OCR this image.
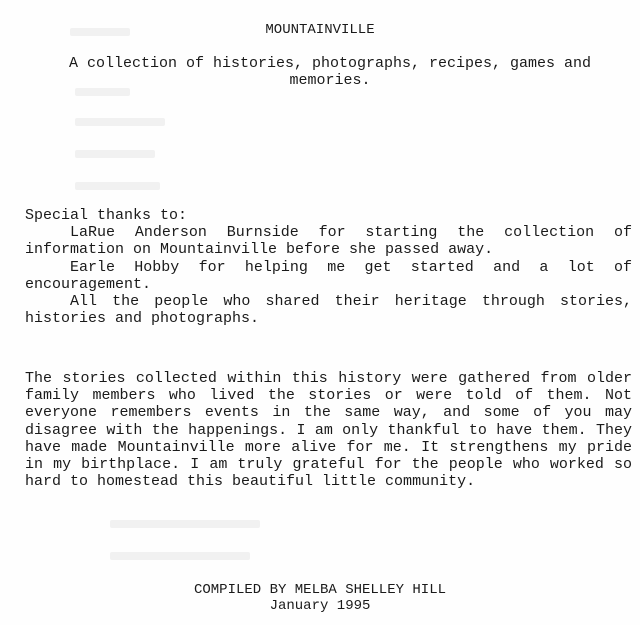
MOUNTAINVILLE
A collection of histories, photographs, recipes, games and memories.

Special thanks to:

LaRue Anderson Burnside for starting the collection of information on Mountainville before she passed away.

Earle Hobby for helping me get started and a lot of encouragement.

All the people who shared their heritage through stories, histories and photographs.

The stories collected within this history were gathered from older family members who lived the stories or were told of them. Not everyone remembers events in the same way, and some of you may disagree with the happenings. I am only thankful to have them. They have made Mountainville more alive for me. It strengthens my pride in my birthplace. I am truly grateful for the people who worked so hard to homestead this beautiful little community.

COMPILED BY MELBA SHELLEY HILL
January 1995
